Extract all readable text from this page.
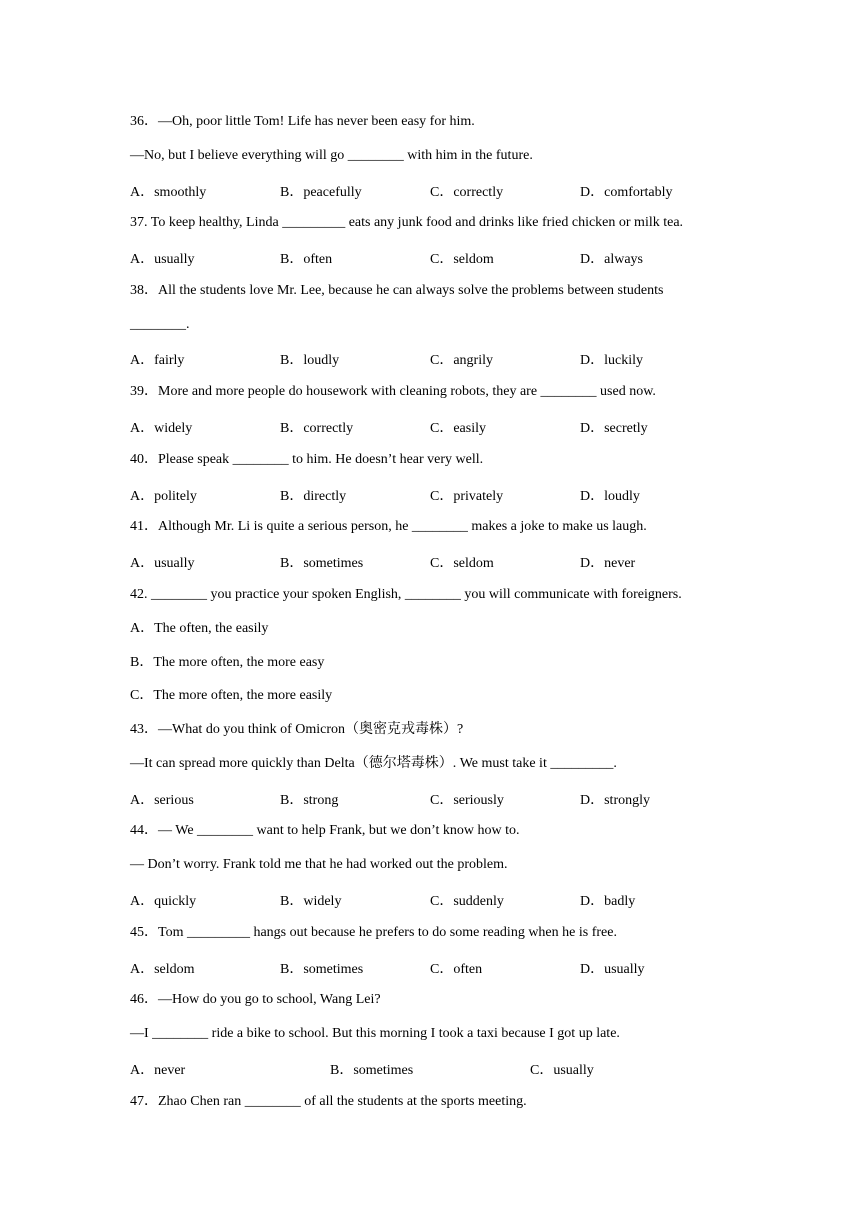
36．—Oh, poor little Tom! Life has never been easy for him.
—No, but I believe everything will go ________ with him in the future.
A．smoothly	B．peacefully	C．correctly	D．comfortably
37. To keep healthy, Linda _________ eats any junk food and drinks like fried chicken or milk tea.
A．usually	B．often	C．seldom	D．always
38．All the students love Mr. Lee, because he can always solve the problems between students
________.
A．fairly	B．loudly	C．angrily	D．luckily
39．More and more people do housework with cleaning robots, they are ________ used now.
A．widely	B．correctly	C．easily	D．secretly
40．Please speak ________ to him. He doesn’t hear very well.
A．politely	B．directly	C．privately	D．loudly
41．Although Mr. Li is quite a serious person, he ________ makes a joke to make us laugh.
A．usually	B．sometimes	C．seldom	D．never
42. ________ you practice your spoken English, ________ you will communicate with foreigners.
A．The often, the easily
B．The more often, the more easy
C．The more often, the more easily
43．—What do you think of Omicron（奥密克戎毒株）?
—It can spread more quickly than Delta（德尔塔毒株）. We must take it _________.
A．serious	B．strong	C．seriously	D．strongly
44．— We ________ want to help Frank, but we don’t know how to.
— Don’t worry. Frank told me that he had worked out the problem.
A．quickly	B．widely	C．suddenly	D．badly
45．Tom _________ hangs out because he prefers to do some reading when he is free.
A．seldom	B．sometimes	C．often	D．usually
46．—How do you go to school, Wang Lei?
—I ________ ride a bike to school. But this morning I took a taxi because I got up late.
A．never	B．sometimes	C．usually
47．Zhao Chen ran ________ of all the students at the sports meeting.
